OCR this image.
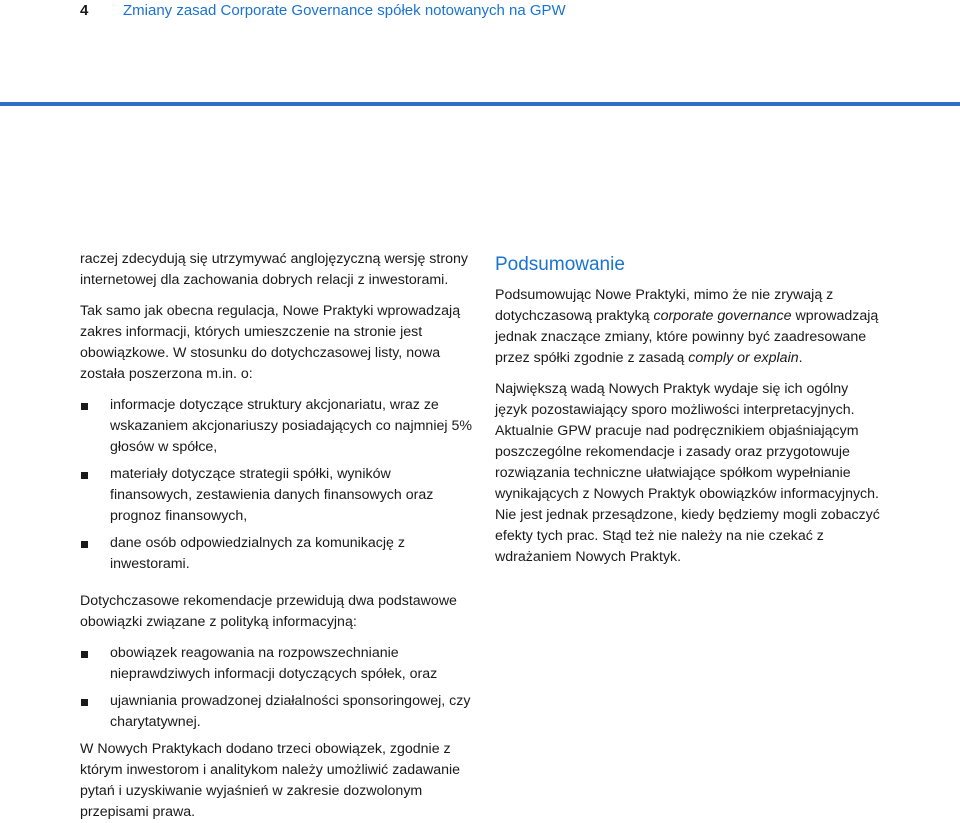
4 Zmiany zasad Corporate Governance spółek notowanych na GPW

raczej zdecydują się utrzymywać anglojęzyczną wersję strony internetowej dla zachowania dobrych relacji z inwestorami.

Tak samo jak obecna regulacja, Nowe Praktyki wprowadzają zakres informacji, których umieszczenie na stronie jest obowiązkowe. W stosunku do dotychczasowej listy, nowa została poszerzona m.in. o:

informacje dotyczące struktury akcjonariatu, wraz ze wskazaniem akcjonariuszy posiadających co najmniej 5% głosów w spółce,
materiały dotyczące strategii spółki, wyników finansowych, zestawienia danych finansowych oraz prognoz finansowych,
dane osób odpowiedzialnych za komunikację z inwestorami.

Dotychczasowe rekomendacje przewidują dwa podstawowe obowiązki związane z polityką informacyjną:

obowiązek reagowania na rozpowszechnianie nieprawdziwych informacji dotyczących spółek, oraz
ujawniania prowadzonej działalności sponsoringowej, czy charytatywnej.

W Nowych Praktykach dodano trzeci obowiązek, zgodnie z którym inwestorom i analitykom należy umożliwić zadawanie pytań i uzyskiwanie wyjaśnień w zakresie dozwolonym przepisami prawa.

Podsumowanie

Podsumowując Nowe Praktyki, mimo że nie zrywają z dotychczasową praktyką corporate governance wprowadzają jednak znaczące zmiany, które powinny być zaadresowane przez spółki zgodnie z zasadą comply or explain.

Największą wadą Nowych Praktyk wydaje się ich ogólny język pozostawiający sporo możliwości interpretacyjnych. Aktualnie GPW pracuje nad podręcznikiem objaśniającym poszczególne rekomendacje i zasady oraz przygotowuje rozwiązania techniczne ułatwiające spółkom wypełnianie wynikających z Nowych Praktyk obowiązków informacyjnych. Nie jest jednak przesądzone, kiedy będziemy mogli zobaczyć efekty tych prac. Stąd też nie należy na nie czekać z wdrażaniem Nowych Praktyk.
